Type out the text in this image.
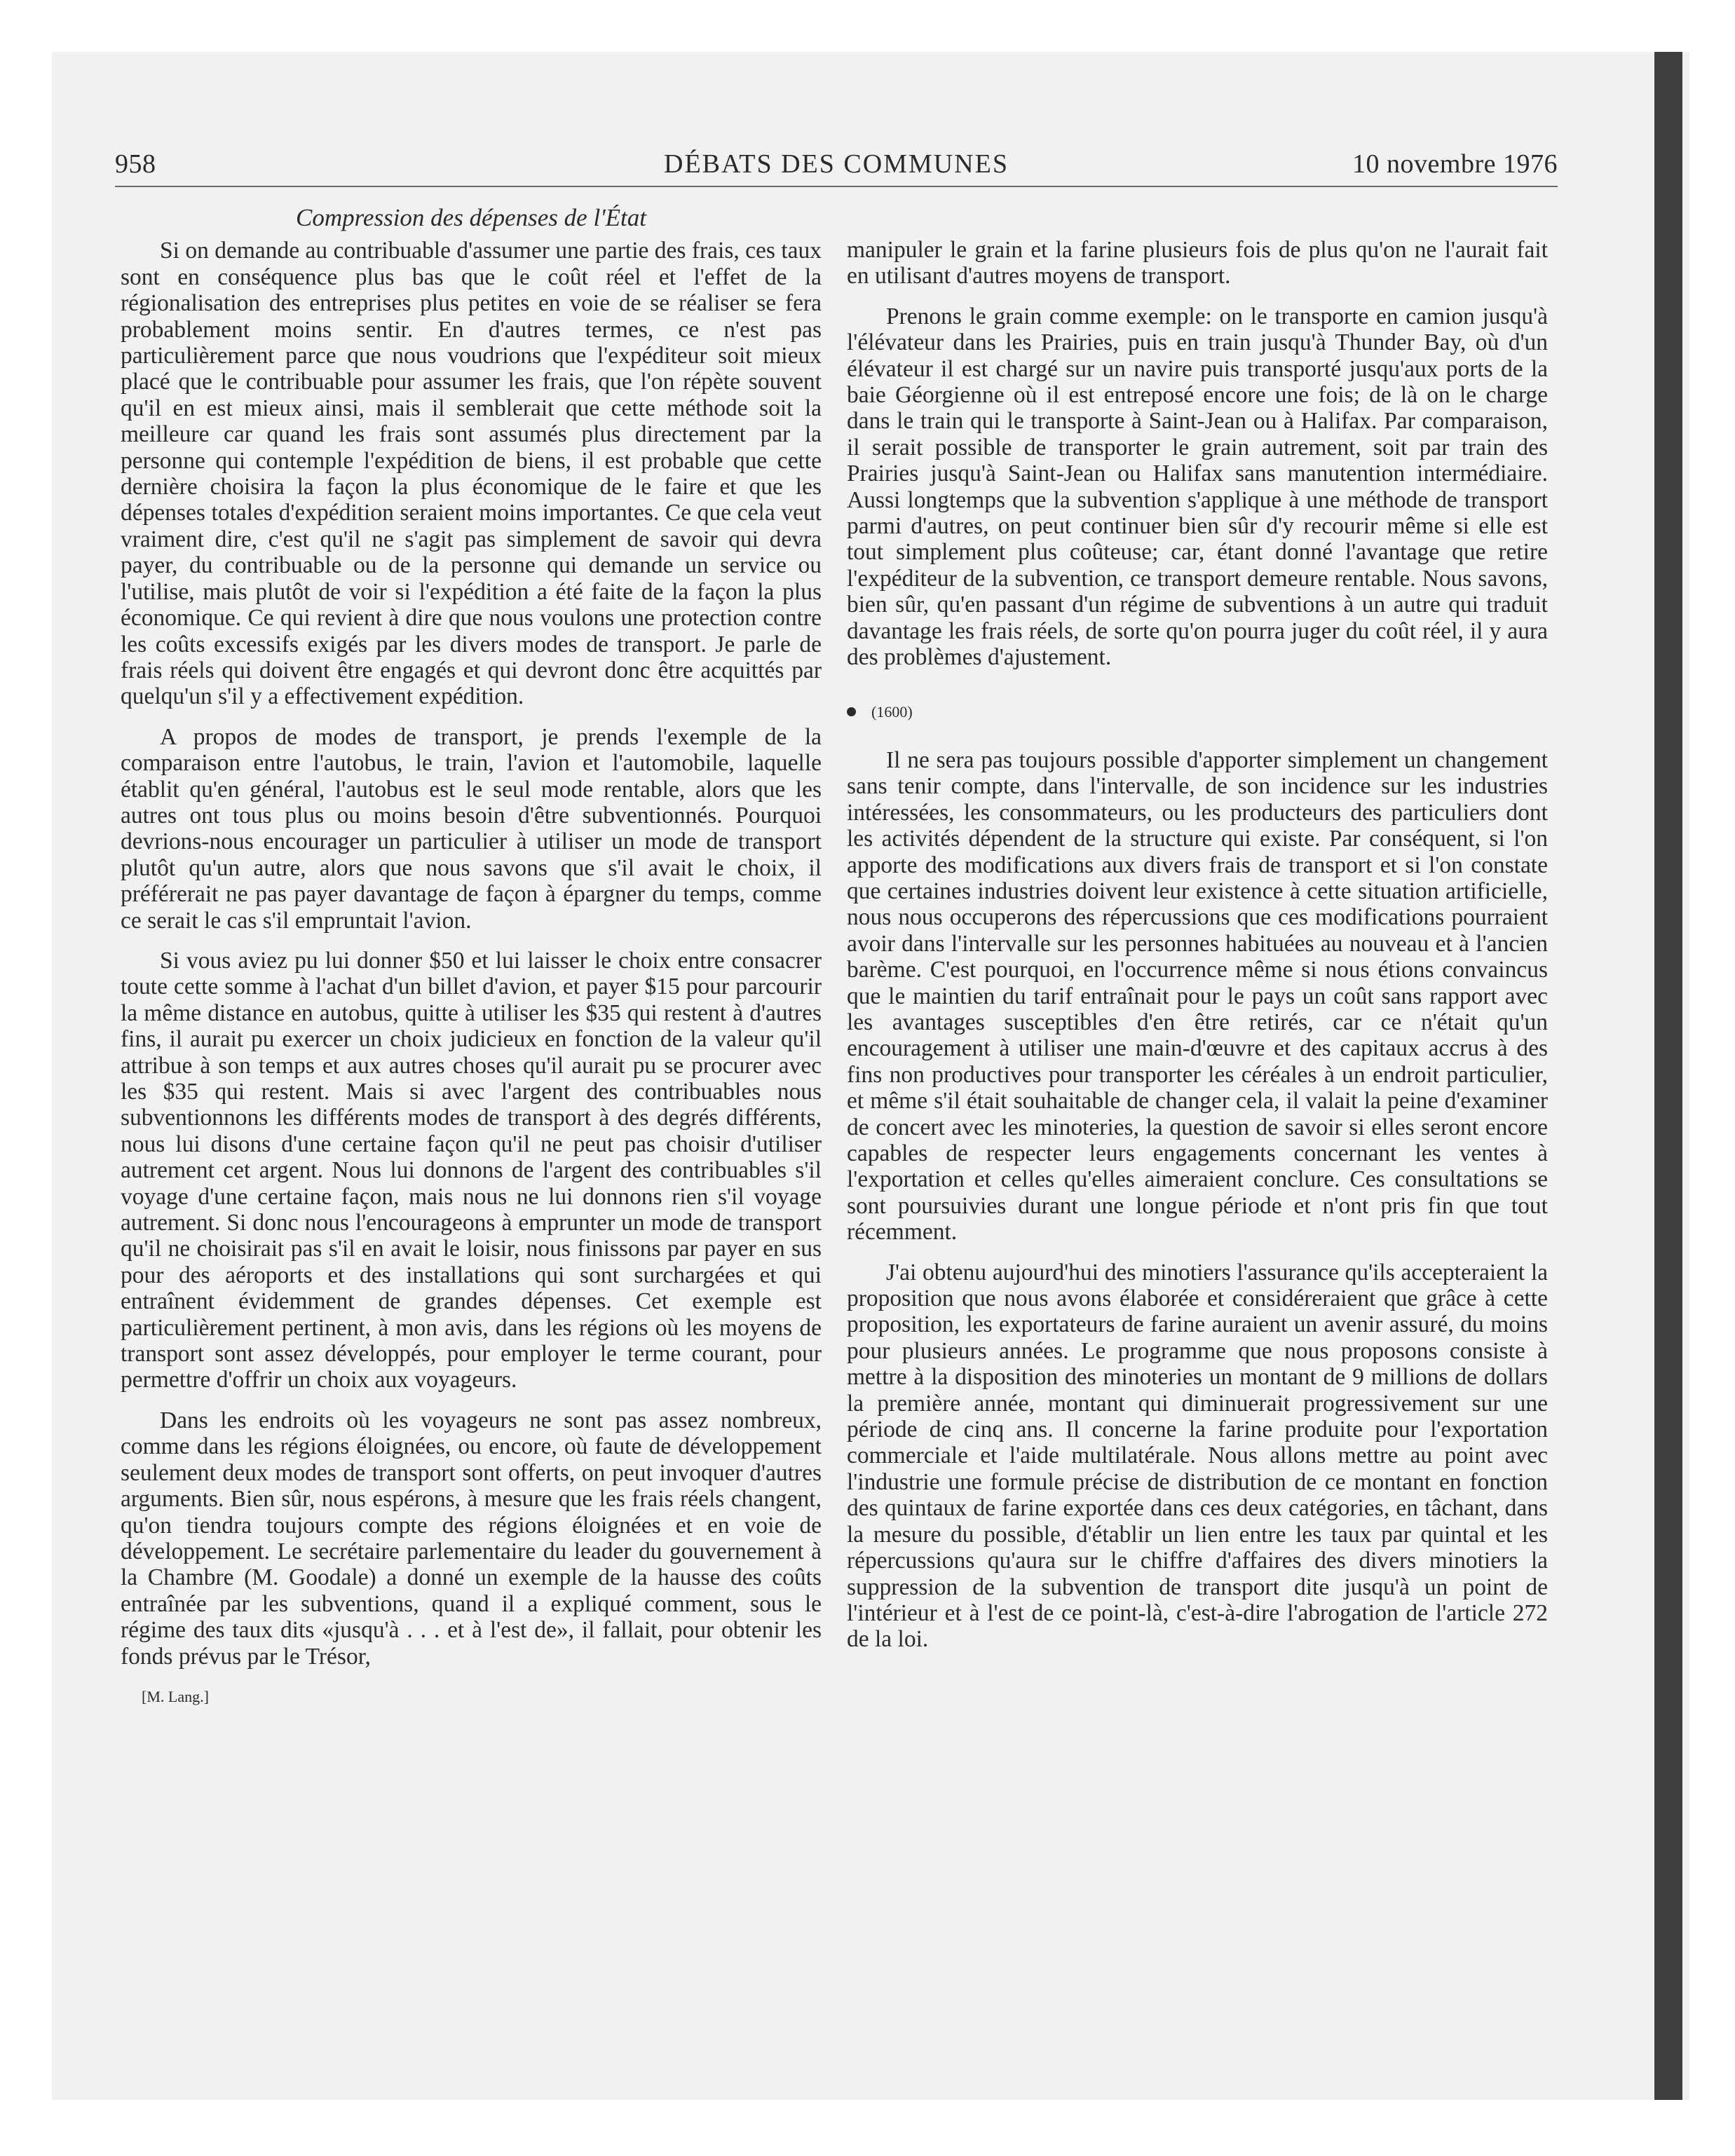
958	DÉBATS DES COMMUNES	10 novembre 1976
Compression des dépenses de l'État

Si on demande au contribuable d'assumer une partie des frais, ces taux sont en conséquence plus bas que le coût réel et l'effet de la régionalisation des entreprises plus petites en voie de se réaliser se fera probablement moins sentir. En d'autres termes, ce n'est pas particulièrement parce que nous voudrions que l'expéditeur soit mieux placé que le contribuable pour assumer les frais, que l'on répète souvent qu'il en est mieux ainsi, mais il semblerait que cette méthode soit la meilleure car quand les frais sont assumés plus directement par la personne qui contemple l'expédition de biens, il est probable que cette dernière choisira la façon la plus économique de le faire et que les dépenses totales d'expédition seraient moins importantes. Ce que cela veut vraiment dire, c'est qu'il ne s'agit pas simplement de savoir qui devra payer, du contribuable ou de la personne qui demande un service ou l'utilise, mais plutôt de voir si l'expédition a été faite de la façon la plus économique. Ce qui revient à dire que nous voulons une protection contre les coûts excessifs exigés par les divers modes de transport. Je parle de frais réels qui doivent être engagés et qui devront donc être acquittés par quelqu'un s'il y a effectivement expédition.

A propos de modes de transport, je prends l'exemple de la comparaison entre l'autobus, le train, l'avion et l'automobile, laquelle établit qu'en général, l'autobus est le seul mode rentable, alors que les autres ont tous plus ou moins besoin d'être subventionnés. Pourquoi devrions-nous encourager un particulier à utiliser un mode de transport plutôt qu'un autre, alors que nous savons que s'il avait le choix, il préférerait ne pas payer davantage de façon à épargner du temps, comme ce serait le cas s'il empruntait l'avion.

Si vous aviez pu lui donner $50 et lui laisser le choix entre consacrer toute cette somme à l'achat d'un billet d'avion, et payer $15 pour parcourir la même distance en autobus, quitte à utiliser les $35 qui restent à d'autres fins, il aurait pu exercer un choix judicieux en fonction de la valeur qu'il attribue à son temps et aux autres choses qu'il aurait pu se procurer avec les $35 qui restent. Mais si avec l'argent des contribuables nous subventionnons les différents modes de transport à des degrés différents, nous lui disons d'une certaine façon qu'il ne peut pas choisir d'utiliser autrement cet argent. Nous lui donnons de l'argent des contribuables s'il voyage d'une certaine façon, mais nous ne lui donnons rien s'il voyage autrement. Si donc nous l'encourageons à emprunter un mode de transport qu'il ne choisirait pas s'il en avait le loisir, nous finissons par payer en sus pour des aéroports et des installations qui sont surchargées et qui entraînent évidemment de grandes dépenses. Cet exemple est particulièrement pertinent, à mon avis, dans les régions où les moyens de transport sont assez développés, pour employer le terme courant, pour permettre d'offrir un choix aux voyageurs.

Dans les endroits où les voyageurs ne sont pas assez nombreux, comme dans les régions éloignées, ou encore, où faute de développement seulement deux modes de transport sont offerts, on peut invoquer d'autres arguments. Bien sûr, nous espérons, à mesure que les frais réels changent, qu'on tiendra toujours compte des régions éloignées et en voie de développement. Le secrétaire parlementaire du leader du gouvernement à la Chambre (M. Goodale) a donné un exemple de la hausse des coûts entraînée par les subventions, quand il a expliqué comment, sous le régime des taux dits «jusqu'à . . . et à l'est de», il fallait, pour obtenir les fonds prévus par le Trésor,

[M. Lang.]

manipuler le grain et la farine plusieurs fois de plus qu'on ne l'aurait fait en utilisant d'autres moyens de transport.

Prenons le grain comme exemple: on le transporte en camion jusqu'à l'élévateur dans les Prairies, puis en train jusqu'à Thunder Bay, où d'un élévateur il est chargé sur un navire puis transporté jusqu'aux ports de la baie Géorgienne où il est entreposé encore une fois; de là on le charge dans le train qui le transporte à Saint-Jean ou à Halifax. Par comparaison, il serait possible de transporter le grain autrement, soit par train des Prairies jusqu'à Saint-Jean ou Halifax sans manutention intermédiaire. Aussi longtemps que la subvention s'applique à une méthode de transport parmi d'autres, on peut continuer bien sûr d'y recourir même si elle est tout simplement plus coûteuse; car, étant donné l'avantage que retire l'expéditeur de la subvention, ce transport demeure rentable. Nous savons, bien sûr, qu'en passant d'un régime de subventions à un autre qui traduit davantage les frais réels, de sorte qu'on pourra juger du coût réel, il y aura des problèmes d'ajustement.

(1600)

Il ne sera pas toujours possible d'apporter simplement un changement sans tenir compte, dans l'intervalle, de son incidence sur les industries intéressées, les consommateurs, ou les producteurs des particuliers dont les activités dépendent de la structure qui existe. Par conséquent, si l'on apporte des modifications aux divers frais de transport et si l'on constate que certaines industries doivent leur existence à cette situation artificielle, nous nous occuperons des répercussions que ces modifications pourraient avoir dans l'intervalle sur les personnes habituées au nouveau et à l'ancien barème. C'est pourquoi, en l'occurrence même si nous étions convaincus que le maintien du tarif entraînait pour le pays un coût sans rapport avec les avantages susceptibles d'en être retirés, car ce n'était qu'un encouragement à utiliser une main-d'œuvre et des capitaux accrus à des fins non productives pour transporter les céréales à un endroit particulier, et même s'il était souhaitable de changer cela, il valait la peine d'examiner de concert avec les minoteries, la question de savoir si elles seront encore capables de respecter leurs engagements concernant les ventes à l'exportation et celles qu'elles aimeraient conclure. Ces consultations se sont poursuivies durant une longue période et n'ont pris fin que tout récemment.

J'ai obtenu aujourd'hui des minotiers l'assurance qu'ils accepteraient la proposition que nous avons élaborée et considéreraient que grâce à cette proposition, les exportateurs de farine auraient un avenir assuré, du moins pour plusieurs années. Le programme que nous proposons consiste à mettre à la disposition des minoteries un montant de 9 millions de dollars la première année, montant qui diminuerait progressivement sur une période de cinq ans. Il concerne la farine produite pour l'exportation commerciale et l'aide multilatérale. Nous allons mettre au point avec l'industrie une formule précise de distribution de ce montant en fonction des quintaux de farine exportée dans ces deux catégories, en tâchant, dans la mesure du possible, d'établir un lien entre les taux par quintal et les répercussions qu'aura sur le chiffre d'affaires des divers minotiers la suppression de la subvention de transport dite jusqu'à un point de l'intérieur et à l'est de ce point-là, c'est-à-dire l'abrogation de l'article 272 de la loi.
